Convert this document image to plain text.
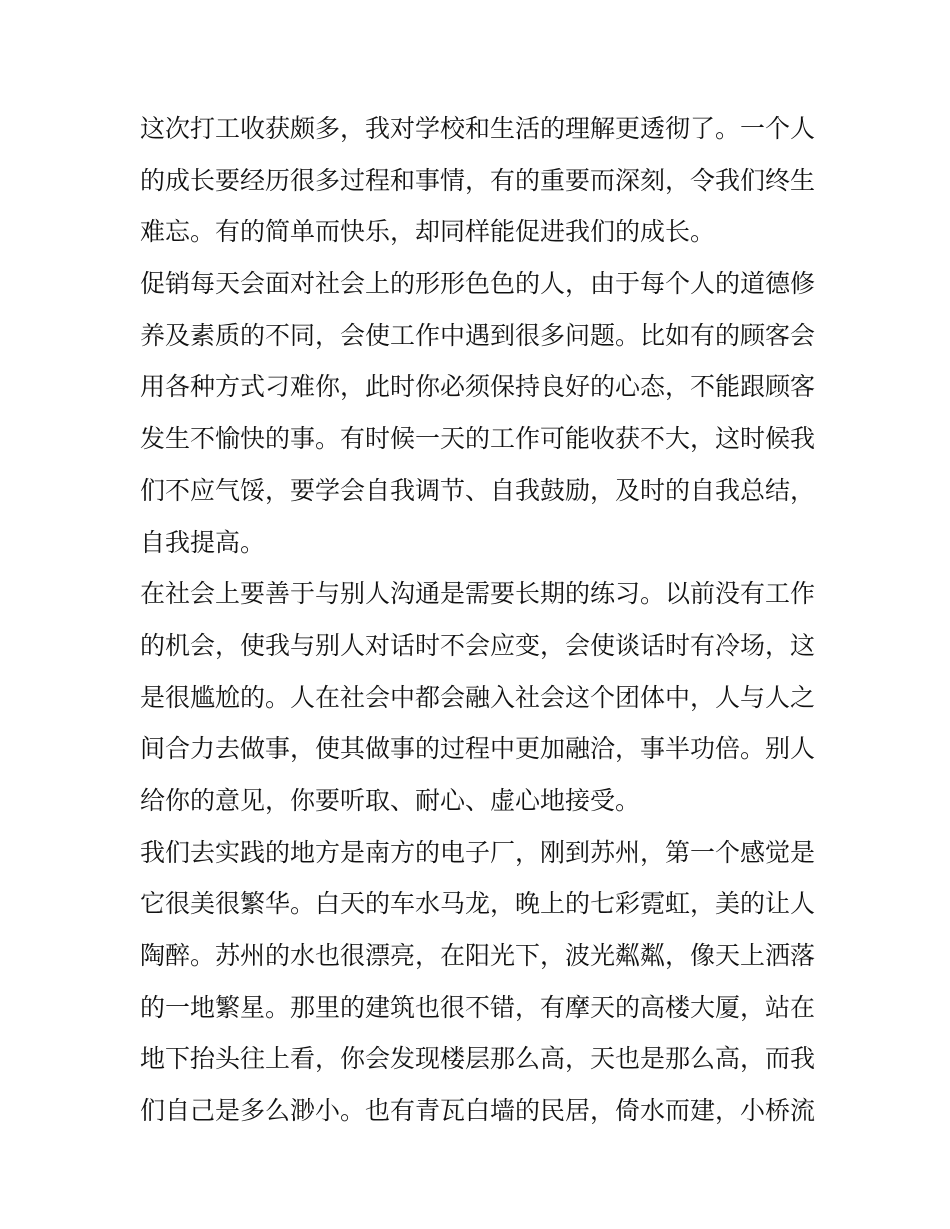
这次打工收获颇多，我对学校和生活的理解更透彻了。一个人
的成长要经历很多过程和事情，有的重要而深刻，令我们终生
难忘。有的简单而快乐，却同样能促进我们的成长。
促销每天会面对社会上的形形色色的人，由于每个人的道德修
养及素质的不同，会使工作中遇到很多问题。比如有的顾客会
用各种方式刁难你，此时你必须保持良好的心态，不能跟顾客
发生不愉快的事。有时候一天的工作可能收获不大，这时候我
们不应气馁，要学会自我调节、自我鼓励，及时的自我总结，
自我提高。
在社会上要善于与别人沟通是需要长期的练习。以前没有工作
的机会，使我与别人对话时不会应变，会使谈话时有冷场，这
是很尴尬的。人在社会中都会融入社会这个团体中，人与人之
间合力去做事，使其做事的过程中更加融洽，事半功倍。别人
给你的意见，你要听取、耐心、虚心地接受。
我们去实践的地方是南方的电子厂，刚到苏州，第一个感觉是
它很美很繁华。白天的车水马龙，晚上的七彩霓虹，美的让人
陶醉。苏州的水也很漂亮，在阳光下，波光粼粼，像天上洒落
的一地繁星。那里的建筑也很不错，有摩天的高楼大厦，站在
地下抬头往上看，你会发现楼层那么高，天也是那么高，而我
们自己是多么渺小。也有青瓦白墙的民居，倚水而建，小桥流
